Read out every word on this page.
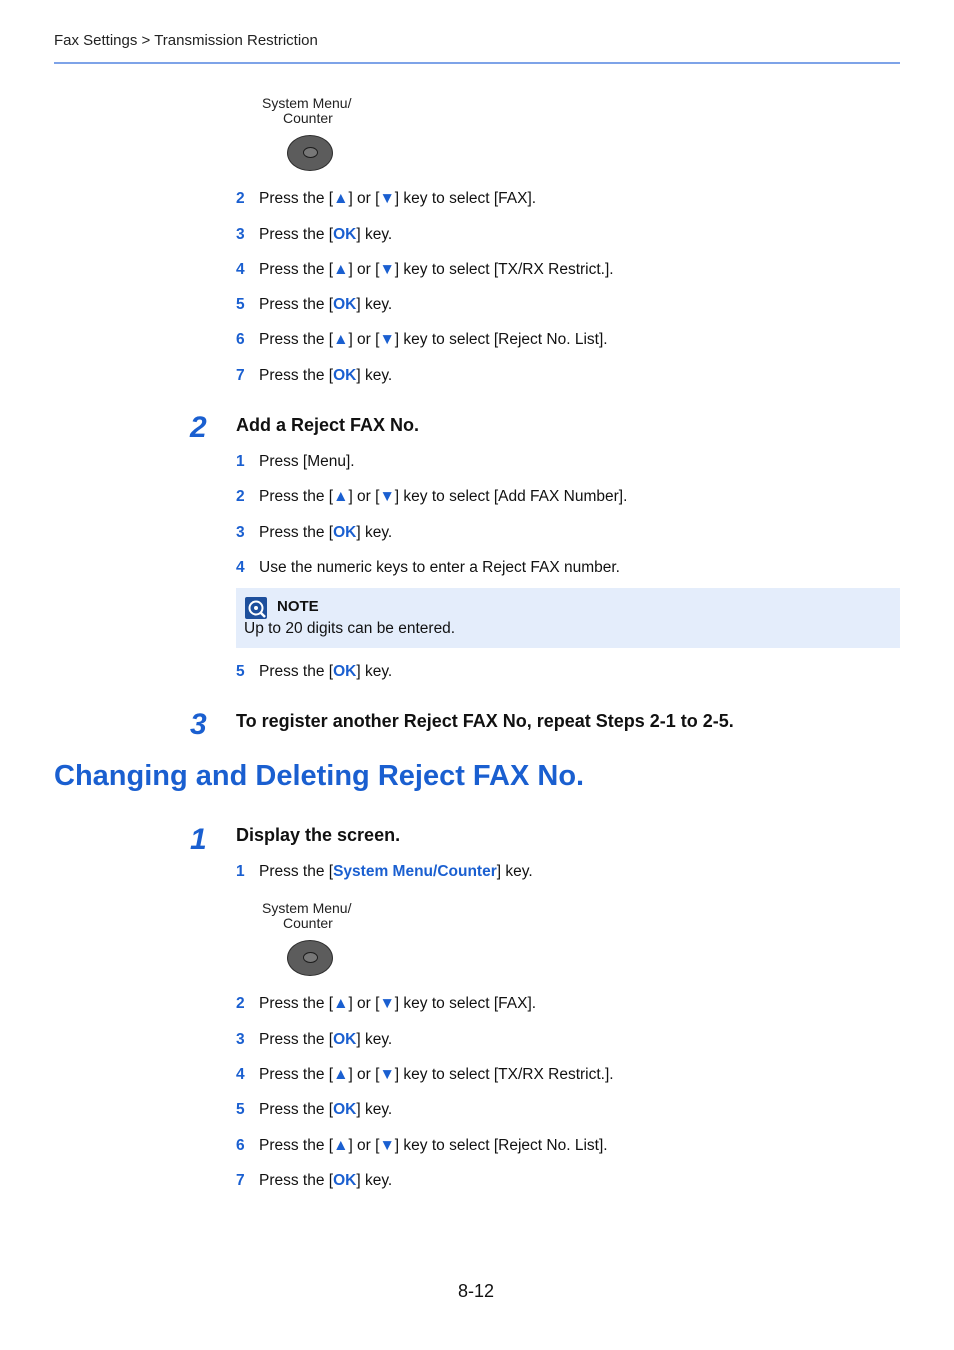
Fax Settings > Transmission Restriction
System Menu/
Counter
2 Press the [▲] or [▼] key to select [FAX].
3 Press the [OK] key.
4 Press the [▲] or [▼] key to select [TX/RX Restrict.].
5 Press the [OK] key.
6 Press the [▲] or [▼] key to select [Reject No. List].
7 Press the [OK] key.
2 Add a Reject FAX No.
1 Press [Menu].
2 Press the [▲] or [▼] key to select [Add FAX Number].
3 Press the [OK] key.
4 Use the numeric keys to enter a Reject FAX number.
NOTE
Up to 20 digits can be entered.
5 Press the [OK] key.
3 To register another Reject FAX No, repeat Steps 2-1 to 2-5.
Changing and Deleting Reject FAX No.
1 Display the screen.
1 Press the [System Menu/Counter] key.
System Menu/
Counter
2 Press the [▲] or [▼] key to select [FAX].
3 Press the [OK] key.
4 Press the [▲] or [▼] key to select [TX/RX Restrict.].
5 Press the [OK] key.
6 Press the [▲] or [▼] key to select [Reject No. List].
7 Press the [OK] key.
8-12
